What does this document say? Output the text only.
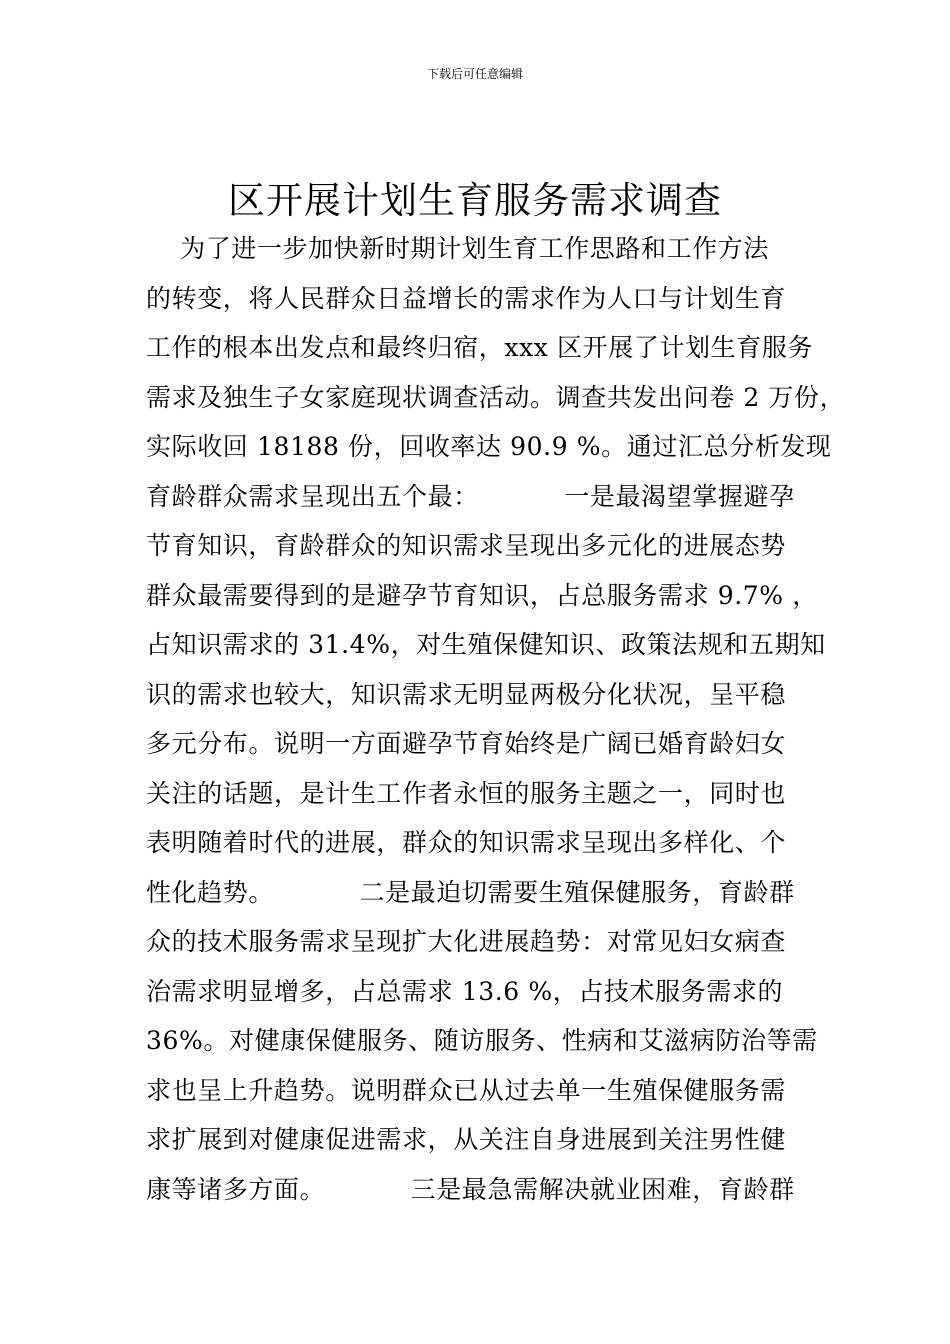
下载后可任意编辑
区开展计划生育服务需求调查
为了进一步加快新时期计划生育工作思路和工作方法
的转变，将人民群众日益增长的需求作为人口与计划生育
工作的根本出发点和最终归宿，xxx 区开展了计划生育服务
需求及独生子女家庭现状调查活动。调查共发出问卷 2 万份，
实际收回 18188 份，回收率达 90.9 %。通过汇总分析发现
育龄群众需求呈现出五个最：          一是最渴望掌握避孕
节育知识，育龄群众的知识需求呈现出多元化的进展态势
群众最需要得到的是避孕节育知识，占总服务需求 9.7% ，
占知识需求的 31.4%，对生殖保健知识、政策法规和五期知
识的需求也较大，知识需求无明显两极分化状况，呈平稳
多元分布。说明一方面避孕节育始终是广阔已婚育龄妇女
关注的话题，是计生工作者永恒的服务主题之一，同时也
表明随着时代的进展，群众的知识需求呈现出多样化、个
性化趋势。          二是最迫切需要生殖保健服务，育龄群
众的技术服务需求呈现扩大化进展趋势：对常见妇女病查
治需求明显增多，占总需求 13.6 %，占技术服务需求的
36%。对健康保健服务、随访服务、性病和艾滋病防治等需
求也呈上升趋势。说明群众已从过去单一生殖保健服务需
求扩展到对健康促进需求，从关注自身进展到关注男性健
康等诸多方面。          三是最急需解决就业困难，育龄群
